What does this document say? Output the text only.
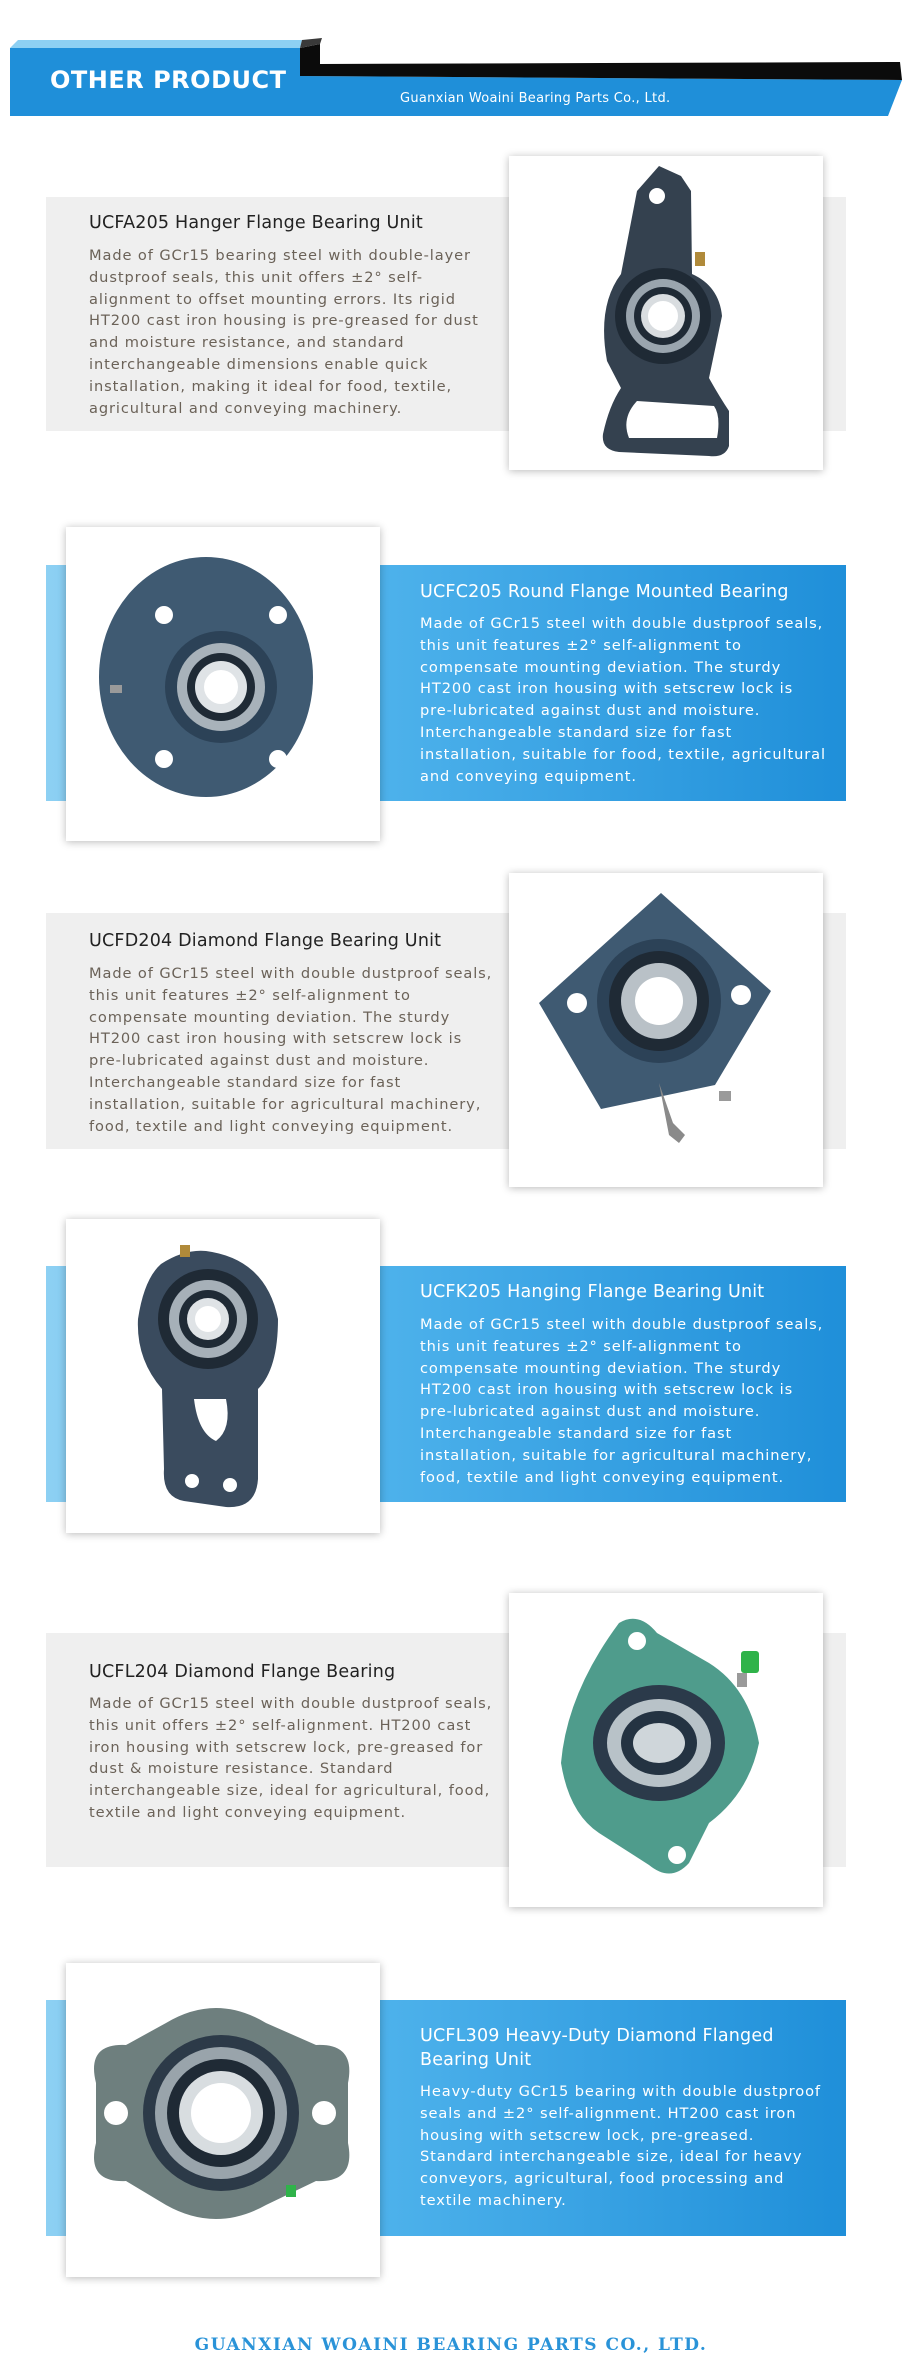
OTHER PRODUCT
Guanxian Woaini Bearing Parts Co., Ltd.
UCFA205 Hanger Flange Bearing Unit

Made of GCr15 bearing steel with double-layer dustproof seals, this unit offers ±2° self-alignment to offset mounting errors. Its rigid HT200 cast iron housing is pre-greased for dust and moisture resistance, and standard interchangeable dimensions enable quick installation, making it ideal for food, textile, agricultural and conveying machinery.

UCFC205 Round Flange Mounted Bearing

Made of GCr15 steel with double dustproof seals, this unit features ±2° self-alignment to compensate mounting deviation. The sturdy HT200 cast iron housing with setscrew lock is pre-lubricated against dust and moisture. Interchangeable standard size for fast installation, suitable for food, textile, agricultural and conveying equipment.

UCFD204 Diamond Flange Bearing Unit

Made of GCr15 steel with double dustproof seals, this unit features ±2° self-alignment to compensate mounting deviation. The sturdy HT200 cast iron housing with setscrew lock is pre-lubricated against dust and moisture. Interchangeable standard size for fast installation, suitable for agricultural machinery, food, textile and light conveying equipment.

UCFK205 Hanging Flange Bearing Unit

Made of GCr15 steel with double dustproof seals, this unit features ±2° self-alignment to compensate mounting deviation. The sturdy HT200 cast iron housing with setscrew lock is pre-lubricated against dust and moisture. Interchangeable standard size for fast installation, suitable for agricultural machinery, food, textile and light conveying equipment.

UCFL204 Diamond Flange Bearing

Made of GCr15 steel with double dustproof seals, this unit offers ±2° self-alignment. HT200 cast iron housing with setscrew lock, pre-greased for dust & moisture resistance. Standard interchangeable size, ideal for agricultural, food, textile and light conveying equipment.

UCFL309 Heavy-Duty Diamond Flanged Bearing Unit

Heavy-duty GCr15 bearing with double dustproof seals and ±2° self-alignment. HT200 cast iron housing with setscrew lock, pre-greased. Standard interchangeable size, ideal for heavy conveyors, agricultural, food processing and textile machinery.

GUANXIAN WOAINI BEARING PARTS CO., LTD.
